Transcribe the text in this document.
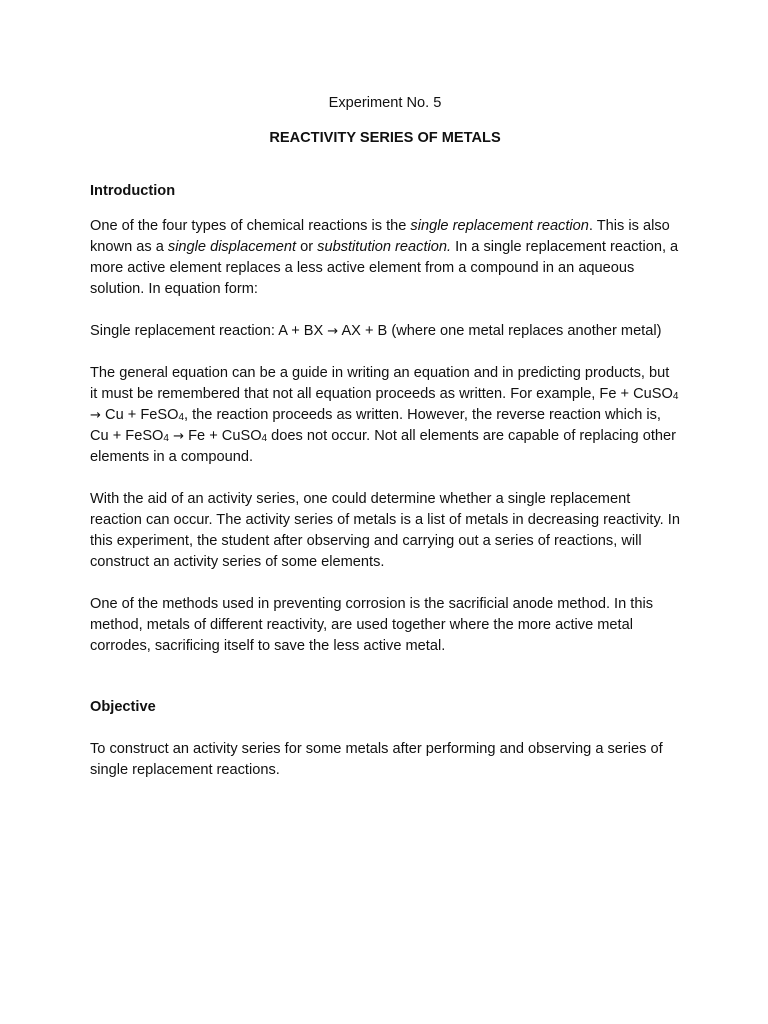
Experiment No. 5

REACTIVITY SERIES OF METALS

Introduction

One of the four types of chemical reactions is the single replacement reaction. This is also known as a single displacement or substitution reaction. In a single replacement reaction, a more active element replaces a less active element from a compound in an aqueous solution. In equation form:

Single replacement reaction: A + BX → AX + B (where one metal replaces another metal)

The general equation can be a guide in writing an equation and in predicting products, but it must be remembered that not all equation proceeds as written. For example, Fe + CuSO$_4$ → Cu + FeSO$_4$, the reaction proceeds as written. However, the reverse reaction which is, Cu + FeSO$_4$ → Fe + CuSO$_4$ does not occur. Not all elements are capable of replacing other elements in a compound.

With the aid of an activity series, one could determine whether a single replacement reaction can occur. The activity series of metals is a list of metals in decreasing reactivity. In this experiment, the student after observing and carrying out a series of reactions, will construct an activity series of some elements.

One of the methods used in preventing corrosion is the sacrificial anode method. In this method, metals of different reactivity, are used together where the more active metal corrodes, sacrificing itself to save the less active metal.

Objective

To construct an activity series for some metals after performing and observing a series of single replacement reactions.
